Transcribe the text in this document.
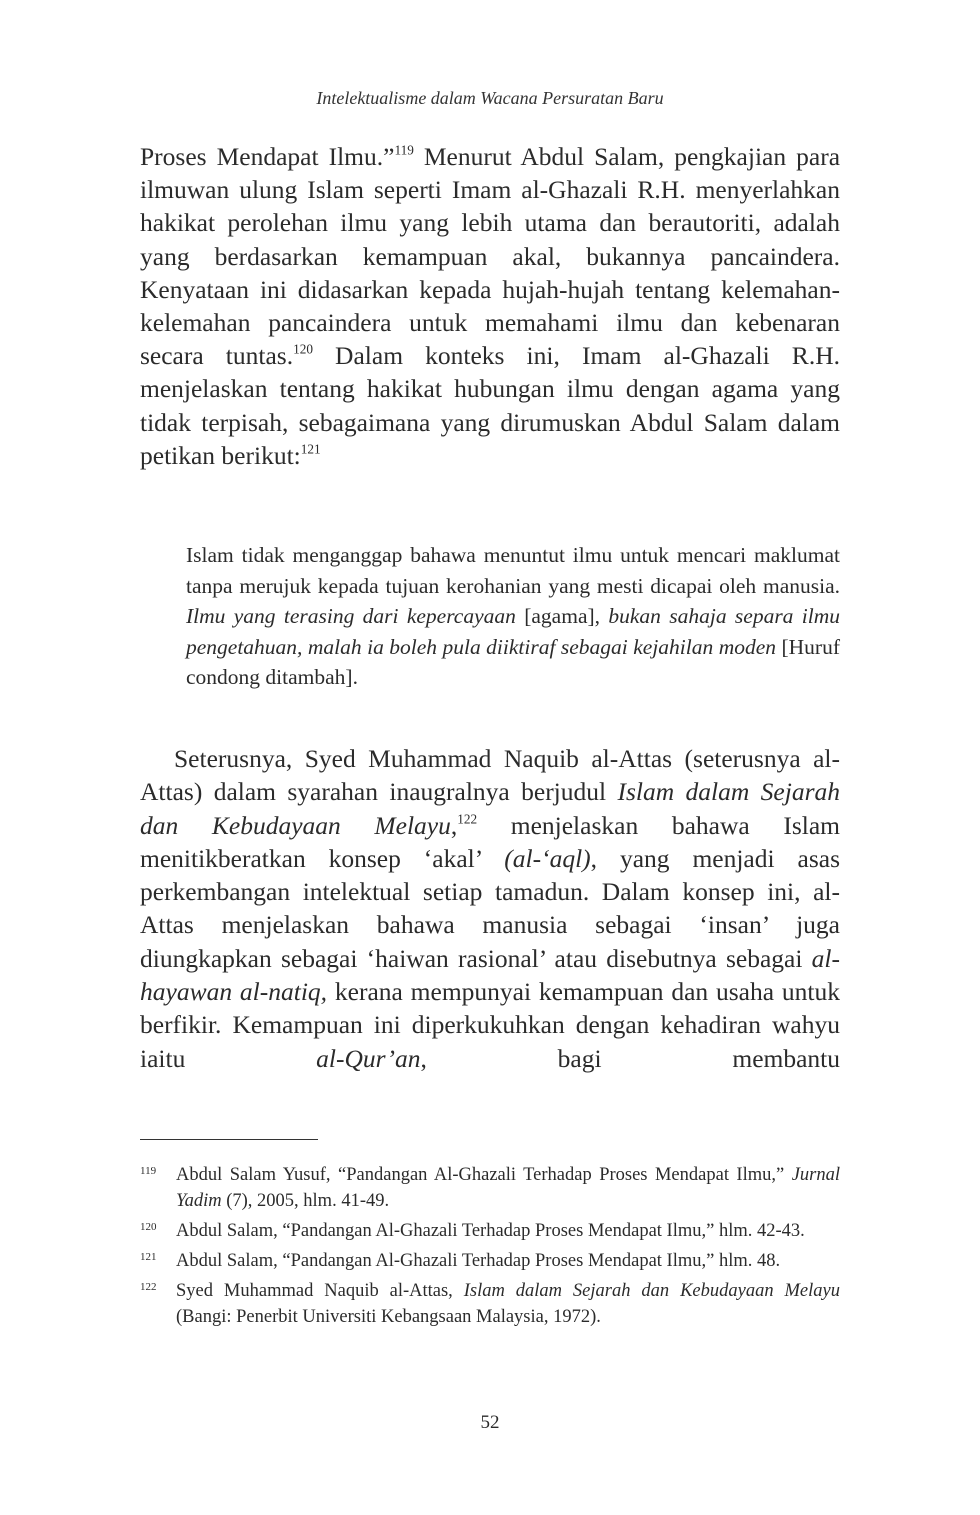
Intelektualisme dalam Wacana Persuratan Baru

Proses Mendapat Ilmu.”$^{119}$ Menurut Abdul Salam, pengkajian para ilmuwan ulung Islam seperti Imam al-Ghazali R.H. menyerlahkan hakikat perolehan ilmu yang lebih utama dan berautoriti, adalah yang berdasarkan kemampuan akal, bukannya pancaindera. Kenyataan ini didasarkan kepada hujah-hujah tentang kelemahan-kelemahan pancaindera untuk memahami ilmu dan kebenaran secara tuntas.$^{120}$ Dalam konteks ini, Imam al-Ghazali R.H. menjelaskan tentang hakikat hubungan ilmu dengan agama yang tidak terpisah, sebagaimana yang dirumuskan Abdul Salam dalam petikan berikut:$^{121}$

Islam tidak menganggap bahawa menuntut ilmu untuk mencari maklumat tanpa merujuk kepada tujuan kerohanian yang mesti dicapai oleh manusia. Ilmu yang terasing dari kepercayaan [agama], bukan sahaja separa ilmu pengetahuan, malah ia boleh pula diiktiraf sebagai kejahilan moden [Huruf condong ditambah].

Seterusnya, Syed Muhammad Naquib al-Attas (seterusnya al-Attas) dalam syarahan inaugralnya berjudul Islam dalam Sejarah dan Kebudayaan Melayu,$^{122}$ menjelaskan bahawa Islam menitikberatkan konsep ‘akal’ (al-‘aql), yang menjadi asas perkembangan intelektual setiap tamadun. Dalam konsep ini, al-Attas menjelaskan bahawa manusia sebagai ‘insan’ juga diungkapkan sebagai ‘haiwan rasional’ atau disebutnya sebagai al-hayawan al-natiq, kerana mempunyai kemampuan dan usaha untuk berfikir. Kemampuan ini diperkukuhkan dengan kehadiran wahyu iaitu al-Qur’an, bagi membantu

119 Abdul Salam Yusuf, “Pandangan Al-Ghazali Terhadap Proses Mendapat Ilmu,” Jurnal Yadim (7), 2005, hlm. 41-49.

120 Abdul Salam, “Pandangan Al-Ghazali Terhadap Proses Mendapat Ilmu,” hlm. 42-43.

121 Abdul Salam, “Pandangan Al-Ghazali Terhadap Proses Mendapat Ilmu,” hlm. 48.

122 Syed Muhammad Naquib al-Attas, Islam dalam Sejarah dan Kebudayaan Melayu (Bangi: Penerbit Universiti Kebangsaan Malaysia, 1972).

52
